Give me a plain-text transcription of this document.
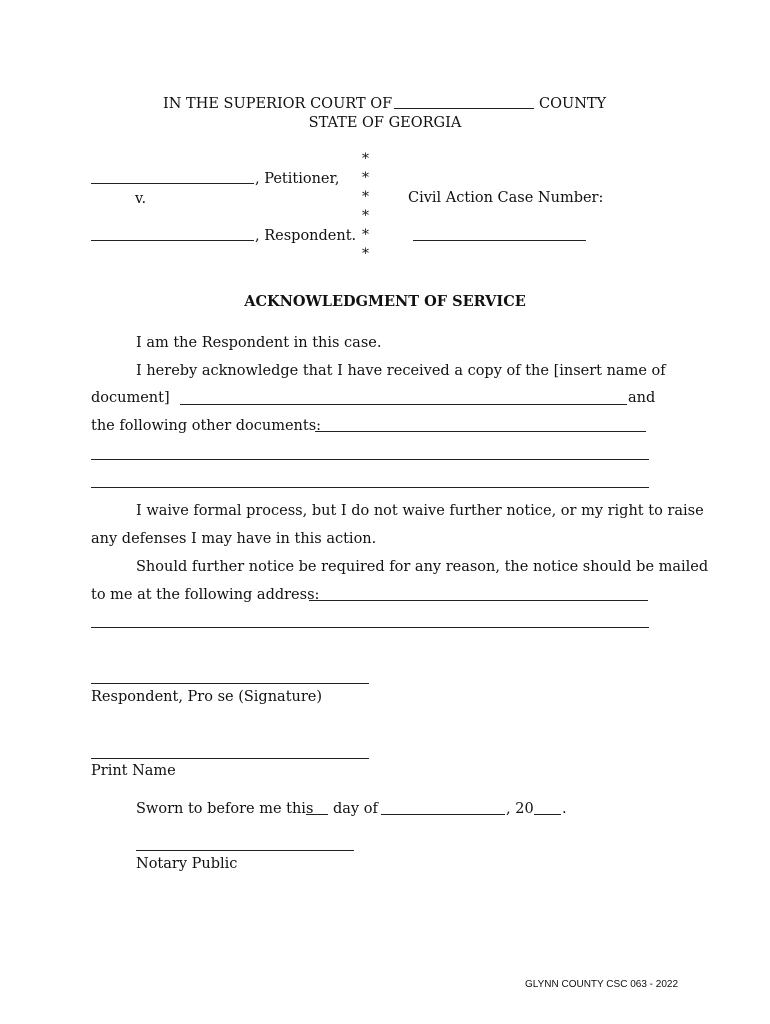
IN THE SUPERIOR COURT OF	COUNTY
STATE OF GEORGIA
, Petitioner,
v.
, Respondent.
*
*
*
*
*
*
Civil Action Case Number:
ACKNOWLEDGMENT OF SERVICE
I am the Respondent in this case.
I hereby acknowledge that I have received a copy of the [insert name of
document]	and
the following other documents:
I waive formal process, but I do not waive further notice, or my right to raise
any defenses I may have in this action.
Should further notice be required for any reason, the notice should be mailed
to me at the following address:
Respondent, Pro se (Signature)
Print Name
Sworn to before me this day of	, 20 .
Notary Public
GLYNN COUNTY CSC 063 - 2022
